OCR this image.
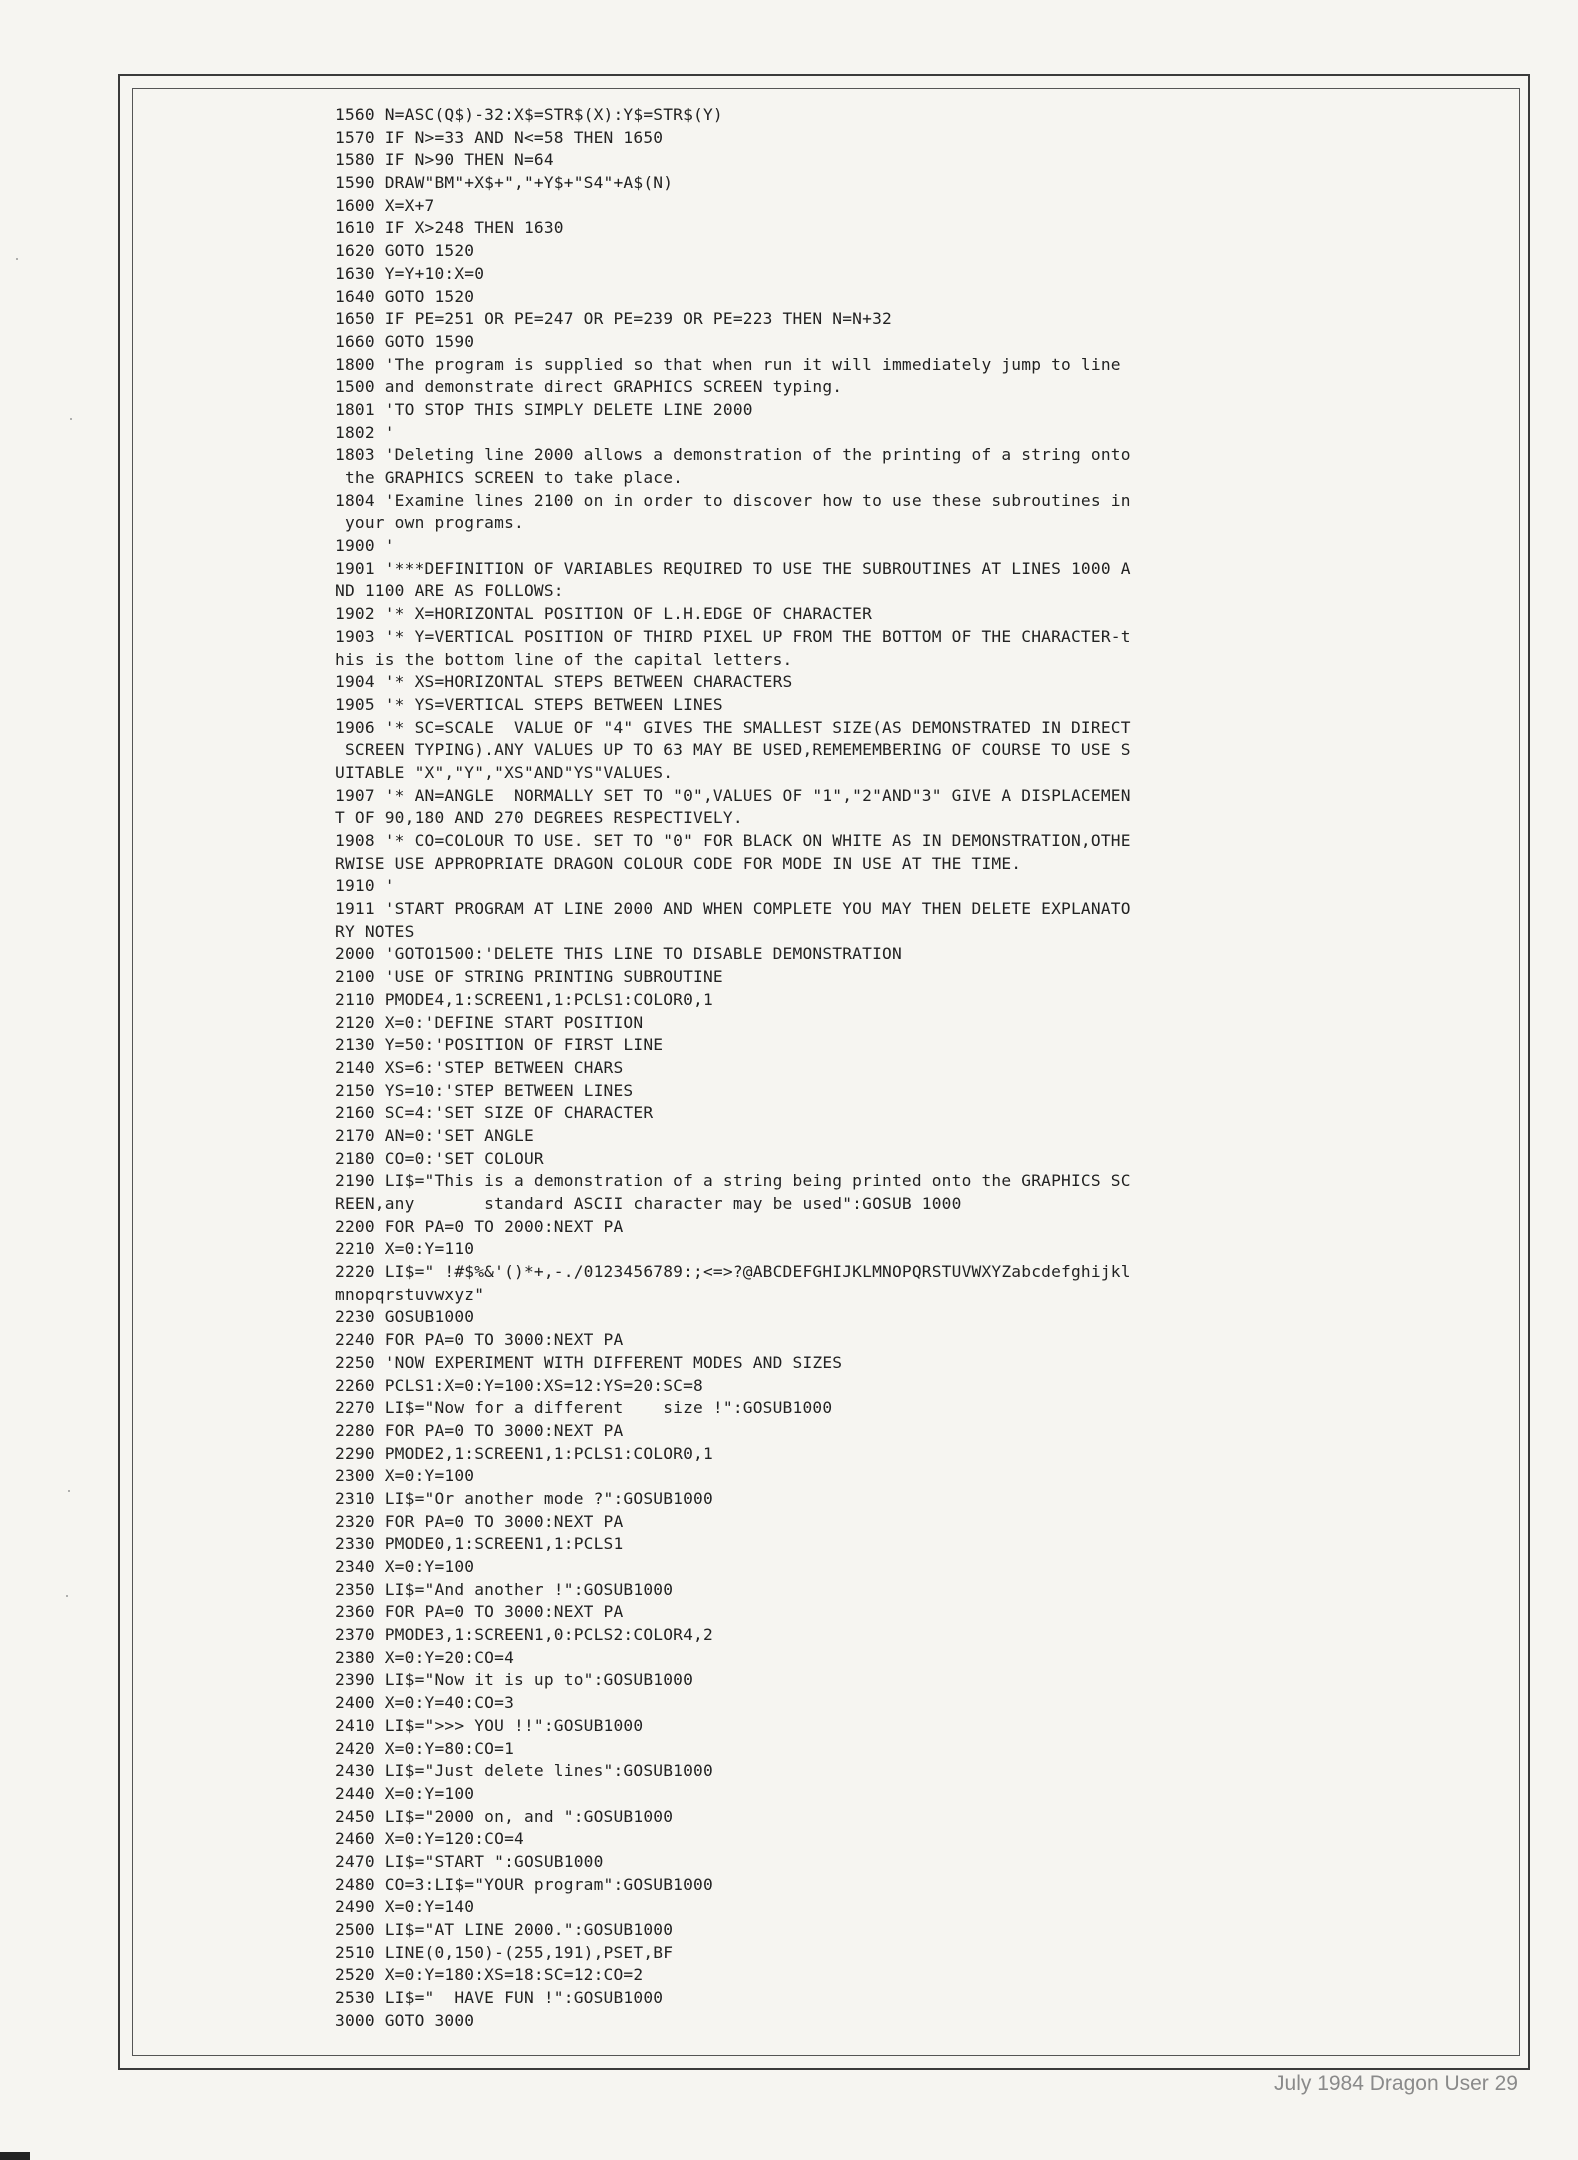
1560 N=ASC(Q$)-32:X$=STR$(X):Y$=STR$(Y)
1570 IF N>=33 AND N<=58 THEN 1650
1580 IF N>90 THEN N=64
1590 DRAW"BM"+X$+","+Y$+"S4"+A$(N)
1600 X=X+7
1610 IF X>248 THEN 1630
1620 GOTO 1520
1630 Y=Y+10:X=0
1640 GOTO 1520
1650 IF PE=251 OR PE=247 OR PE=239 OR PE=223 THEN N=N+32
1660 GOTO 1590
1800 'The program is supplied so that when run it will immediately jump to line
1500 and demonstrate direct GRAPHICS SCREEN typing.
1801 'TO STOP THIS SIMPLY DELETE LINE 2000
1802 '
1803 'Deleting line 2000 allows a demonstration of the printing of a string onto
the GRAPHICS SCREEN to take place.
1804 'Examine lines 2100 on in order to discover how to use these subroutines in
your own programs.
1900 '
1901 '***DEFINITION OF VARIABLES REQUIRED TO USE THE SUBROUTINES AT LINES 1000 A
ND 1100 ARE AS FOLLOWS:
1902 '* X=HORIZONTAL POSITION OF L.H.EDGE OF CHARACTER
1903 '* Y=VERTICAL POSITION OF THIRD PIXEL UP FROM THE BOTTOM OF THE CHARACTER-t
his is the bottom line of the capital letters.
1904 '* XS=HORIZONTAL STEPS BETWEEN CHARACTERS
1905 '* YS=VERTICAL STEPS BETWEEN LINES
1906 '* SC=SCALE  VALUE OF "4" GIVES THE SMALLEST SIZE(AS DEMONSTRATED IN DIRECT
SCREEN TYPING).ANY VALUES UP TO 63 MAY BE USED,REMEMEMBERING OF COURSE TO USE S
UITABLE "X","Y","XS"AND"YS"VALUES.
1907 '* AN=ANGLE  NORMALLY SET TO "0",VALUES OF "1","2"AND"3" GIVE A DISPLACEMEN
T OF 90,180 AND 270 DEGREES RESPECTIVELY.
1908 '* CO=COLOUR TO USE. SET TO "0" FOR BLACK ON WHITE AS IN DEMONSTRATION,OTHE
RWISE USE APPROPRIATE DRAGON COLOUR CODE FOR MODE IN USE AT THE TIME.
1910 '
1911 'START PROGRAM AT LINE 2000 AND WHEN COMPLETE YOU MAY THEN DELETE EXPLANATO
RY NOTES
2000 'GOTO1500:'DELETE THIS LINE TO DISABLE DEMONSTRATION
2100 'USE OF STRING PRINTING SUBROUTINE
2110 PMODE4,1:SCREEN1,1:PCLS1:COLOR0,1
2120 X=0:'DEFINE START POSITION
2130 Y=50:'POSITION OF FIRST LINE
2140 XS=6:'STEP BETWEEN CHARS
2150 YS=10:'STEP BETWEEN LINES
2160 SC=4:'SET SIZE OF CHARACTER
2170 AN=0:'SET ANGLE
2180 CO=0:'SET COLOUR
2190 LI$="This is a demonstration of a string being printed onto the GRAPHICS SC
REEN,any       standard ASCII character may be used":GOSUB 1000
2200 FOR PA=0 TO 2000:NEXT PA
2210 X=0:Y=110
2220 LI$=" !#$%&'()*+,-./0123456789:;<=>?@ABCDEFGHIJKLMNOPQRSTUVWXYZabcdefghijkl
mnopqrstuvwxyz"
2230 GOSUB1000
2240 FOR PA=0 TO 3000:NEXT PA
2250 'NOW EXPERIMENT WITH DIFFERENT MODES AND SIZES
2260 PCLS1:X=0:Y=100:XS=12:YS=20:SC=8
2270 LI$="Now for a different    size !":GOSUB1000
2280 FOR PA=0 TO 3000:NEXT PA
2290 PMODE2,1:SCREEN1,1:PCLS1:COLOR0,1
2300 X=0:Y=100
2310 LI$="Or another mode ?":GOSUB1000
2320 FOR PA=0 TO 3000:NEXT PA
2330 PMODE0,1:SCREEN1,1:PCLS1
2340 X=0:Y=100
2350 LI$="And another !":GOSUB1000
2360 FOR PA=0 TO 3000:NEXT PA
2370 PMODE3,1:SCREEN1,0:PCLS2:COLOR4,2
2380 X=0:Y=20:CO=4
2390 LI$="Now it is up to":GOSUB1000
2400 X=0:Y=40:CO=3
2410 LI$=">>> YOU !!":GOSUB1000
2420 X=0:Y=80:CO=1
2430 LI$="Just delete lines":GOSUB1000
2440 X=0:Y=100
2450 LI$="2000 on, and ":GOSUB1000
2460 X=0:Y=120:CO=4
2470 LI$="START ":GOSUB1000
2480 CO=3:LI$="YOUR program":GOSUB1000
2490 X=0:Y=140
2500 LI$="AT LINE 2000.":GOSUB1000
2510 LINE(0,150)-(255,191),PSET,BF
2520 X=0:Y=180:XS=18:SC=12:CO=2
2530 LI$="  HAVE FUN !":GOSUB1000
3000 GOTO 3000
July 1984 Dragon User 29
